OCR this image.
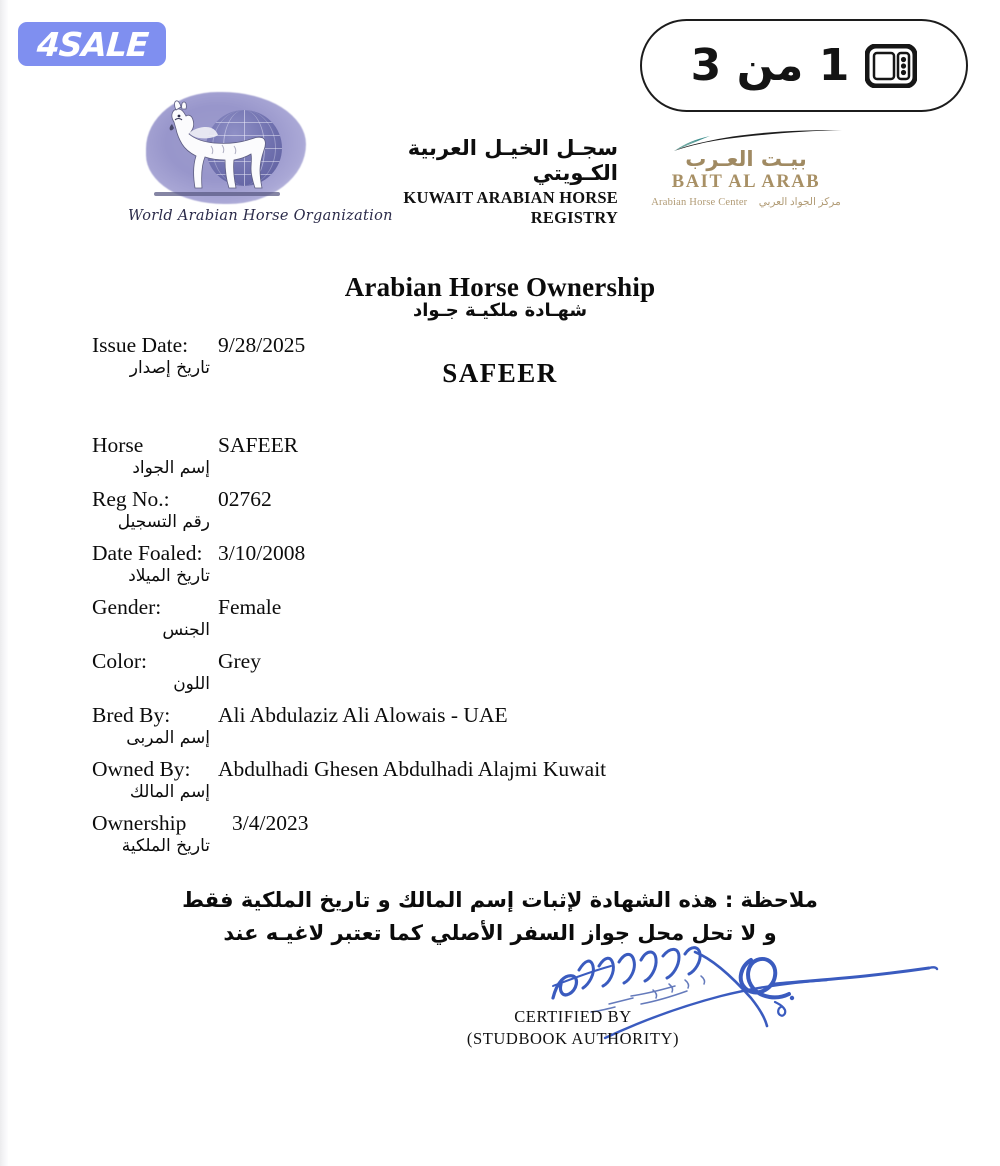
4SALE	1 من 3
World Arabian Horse Organization
سجـل الخيـل العربية الكـويتي
KUWAIT ARABIAN HORSE REGISTRY
بيـت العـرب
BAIT AL ARAB
Arabian Horse Center مركز الجواد العربي
Arabian Horse Ownership
شهـادة ملكيـة جـواد
SAFEER
Issue Date:
تاريخ إصدار
9/28/2025
Horse
إسم الجواد
SAFEER
Reg No.:
رقم التسجيل
02762
Date Foaled:
تاريخ الميلاد
3/10/2008
Gender:
الجنس
Female
Color:
اللون
Grey
Bred By:
إسم المربى
Ali Abdulaziz Ali Alowais - UAE
Owned By:
إسم المالك
Abdulhadi Ghesen Abdulhadi Alajmi Kuwait
Ownership
تاريخ الملكية
3/4/2023
ملاحظة : هذه الشهادة لإثبات إسم المالك و تاريخ الملكية فقط
و لا تحل محل جواز السفر الأصلي كما تعتبر لاغيـه عند
CERTIFIED BY
(STUDBOOK AUTHORITY)
